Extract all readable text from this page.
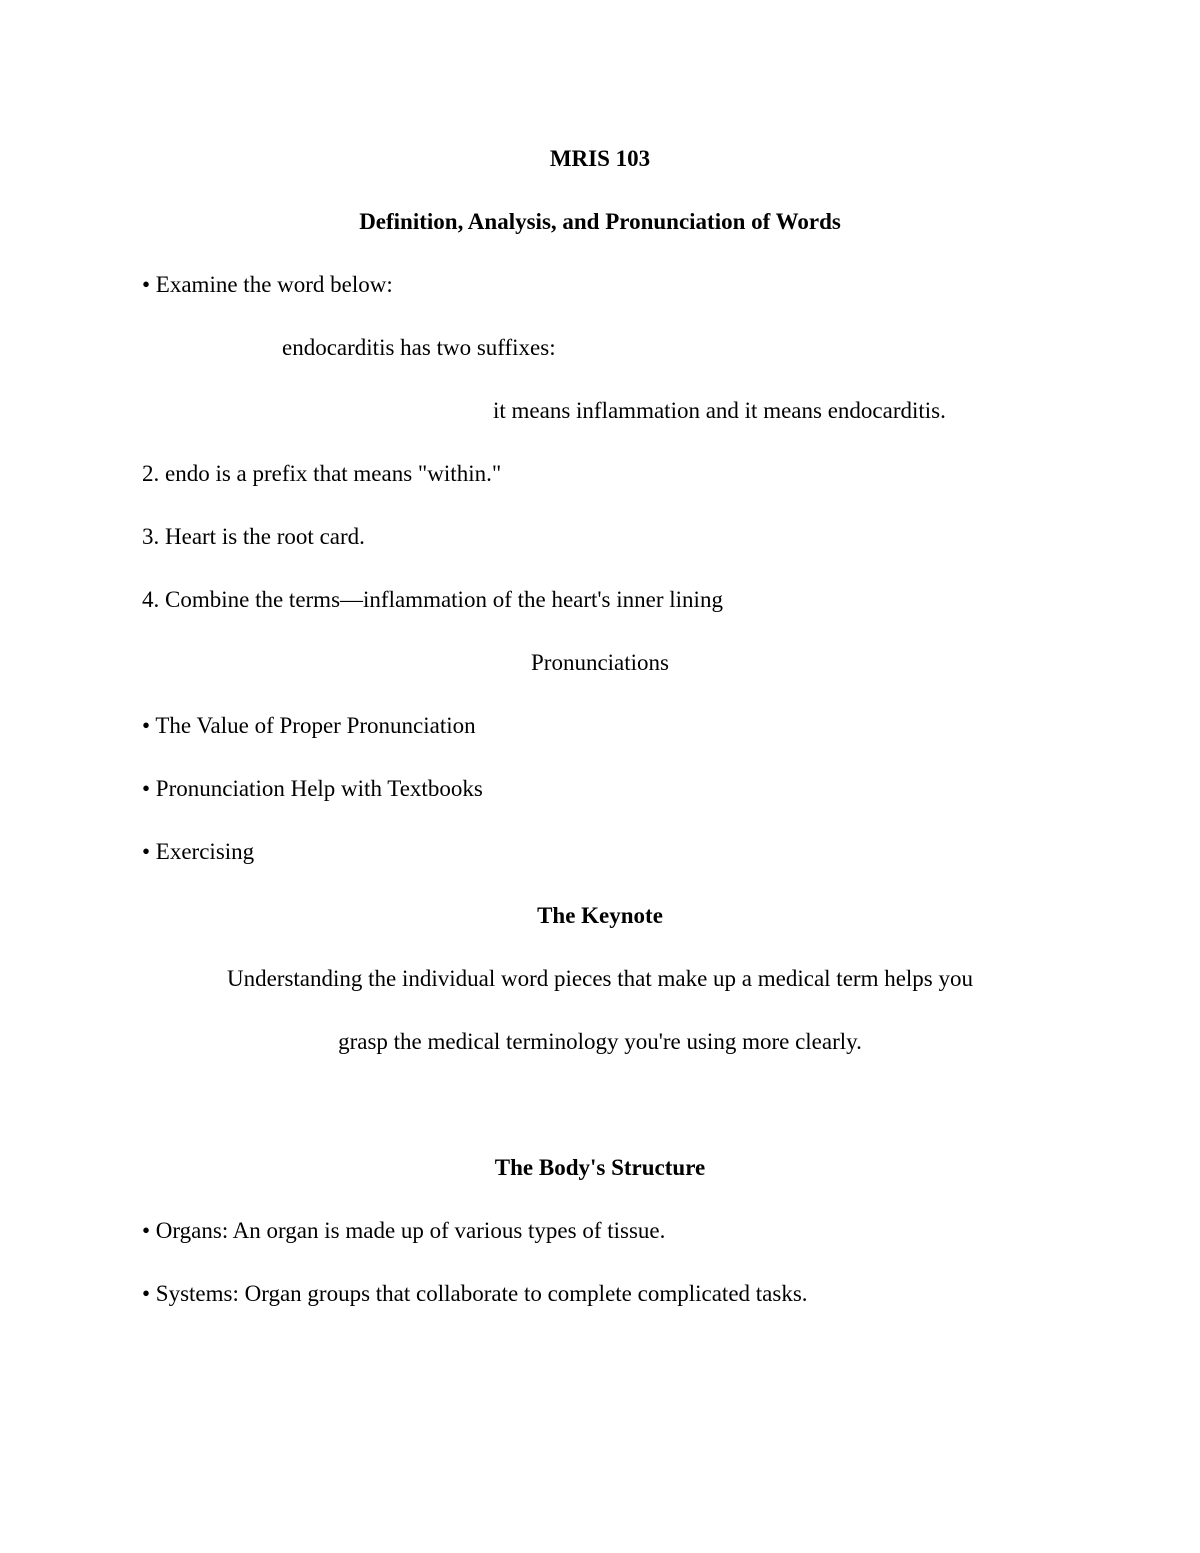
MRIS 103
Definition, Analysis, and Pronunciation of Words
• Examine the word below:
endocarditis has two suffixes:
it means inflammation and it means endocarditis.
2. endo is a prefix that means "within."
3. Heart is the root card.
4. Combine the terms—inflammation of the heart's inner lining
Pronunciations
• The Value of Proper Pronunciation
• Pronunciation Help with Textbooks
• Exercising
The Keynote
Understanding the individual word pieces that make up a medical term helps you
grasp the medical terminology you're using more clearly.
The Body's Structure
• Organs: An organ is made up of various types of tissue.
• Systems: Organ groups that collaborate to complete complicated tasks.
